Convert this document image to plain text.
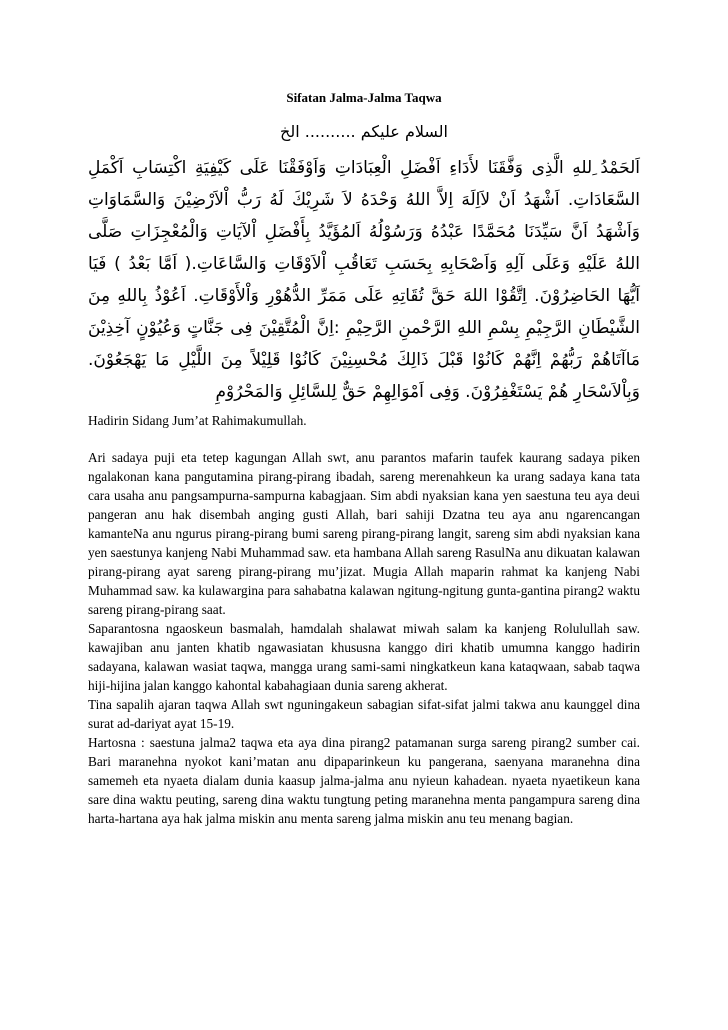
Sifatan Jalma-Jalma Taqwa
السلام عليكم .......... الخ
اَلحَمْدُ ِللهِ الَّذِى وَفَّقَنَا لأَدَاءِ اَفْضَلِ الْعِبَادَاتِ وَاَوْفَقْنَا عَلَى كَيْفِيَةِ اكْتِسَابِ اَكْمَلِ السَّعَادَاتِ. اَشْهَدُ اَنْ لاَاِلَهَ اِلاَّ اللهُ وَحْدَهُ لاَ شَرِيْكَ لَهُ رَبُّ اْلاَرْضِيْنَ وَالسَّمَاوَاتِ وَاَشْهَدُ اَنَّ سَيِّدَنَا مُحَمَّدًا عَبْدُهُ وَرَسُوْلُهُ اَلمُؤَيَّدُ بِأَفْضَلِ اْلآيَاتِ وَالْمُعْجِزَاتِ صَلَّى اللهُ عَلَيْهِ وَعَلَى آلِهِ وَاَصْحَابِهِ بِحَسَبِ تَعَاقُبِ اْلاَوْقَاتِ وَالسَّاعَاتِ.( اَمَّا بَعْدُ ) فَيَا اَيُّهَا الحَاضِرُوْنَ. اِتَّقُوْا اللهَ حَقَّ تُقَاتِهِ عَلَى مَمَرِّ الدُّهُوْرِ وَاْلأَوْقَاتِ. اَعُوْذُ بِاللهِ مِنَ الشَّيْطَانِ الرَّجِيْمِ بِسْمِ اللهِ الرَّحْمنِ الرَّحِيْمِ :اِنَّ الْمُتَّقِيْنَ فِى جَنَّاتٍ وَعُيُوْنٍ آخِذِيْنَ مَاآتَاهُمْ رَبُّهُمْ اِنَّهُمْ كَانُوْا قَبْلَ ذَالِكَ مُحْسِنِيْنَ كَانُوْا قَلِيْلاً مِنَ اللَّيْلِ مَا يَهْجَعُوْنَ. وَبِاْلاَسْحَارِ هُمْ يَسْتَغْفِرُوْنَ. وَفِى اَمْوَالِهِمْ حَقٌّ لِلسَّائِلِ وَالمَحْرُوْمِ
Hadirin Sidang Jum’at Rahimakumullah.

Ari sadaya puji eta tetep kagungan Allah swt, anu parantos mafarin taufek kaurang sadaya piken ngalakonan kana pangutamina pirang-pirang ibadah, sareng merenahkeun ka urang sadaya kana tata cara usaha anu pangsampurna-sampurna kabagjaan. Sim abdi nyaksian kana yen saestuna teu aya deui pangeran anu hak disembah anging gusti Allah, bari sahiji Dzatna teu aya anu ngarencangan kamanteNa anu ngurus pirang-pirang bumi sareng pirang-pirang langit, sareng sim abdi nyaksian kana yen saestunya kanjeng Nabi Muhammad saw. eta hambana Allah sareng RasulNa anu dikuatan kalawan pirang-pirang ayat sareng pirang-pirang mu’jizat. Mugia Allah maparin rahmat ka kanjeng Nabi Muhammad saw. ka kulawargina para sahabatna kalawan ngitung-ngitung gunta-gantina pirang2 waktu sareng pirang-pirang saat.

Saparantosna ngaoskeun basmalah, hamdalah shalawat miwah salam ka kanjeng Rolulullah saw. kawajiban anu janten khatib ngawasiatan khususna kanggo diri khatib umumna kanggo hadirin sadayana, kalawan wasiat taqwa, mangga urang sami-sami ningkatkeun kana kataqwaan, sabab taqwa hiji-hijina jalan kanggo kahontal kabahagiaan dunia sareng akherat.

Tina sapalih ajaran taqwa Allah swt nguningakeun sabagian sifat-sifat jalmi takwa anu kaunggel dina surat ad-dariyat ayat 15-19.

Hartosna : saestuna jalma2 taqwa eta aya dina pirang2 patamanan surga sareng pirang2 sumber cai. Bari maranehna nyokot kani’matan anu dipaparinkeun ku pangerana, saenyana maranehna dina samemeh eta nyaeta dialam dunia kaasup jalma-jalma anu nyieun kahadean. nyaeta nyaetikeun kana sare dina waktu peuting, sareng dina waktu tungtung peting maranehna menta pangampura sareng dina harta-hartana aya hak jalma miskin anu menta sareng jalma miskin anu teu menang bagian.
